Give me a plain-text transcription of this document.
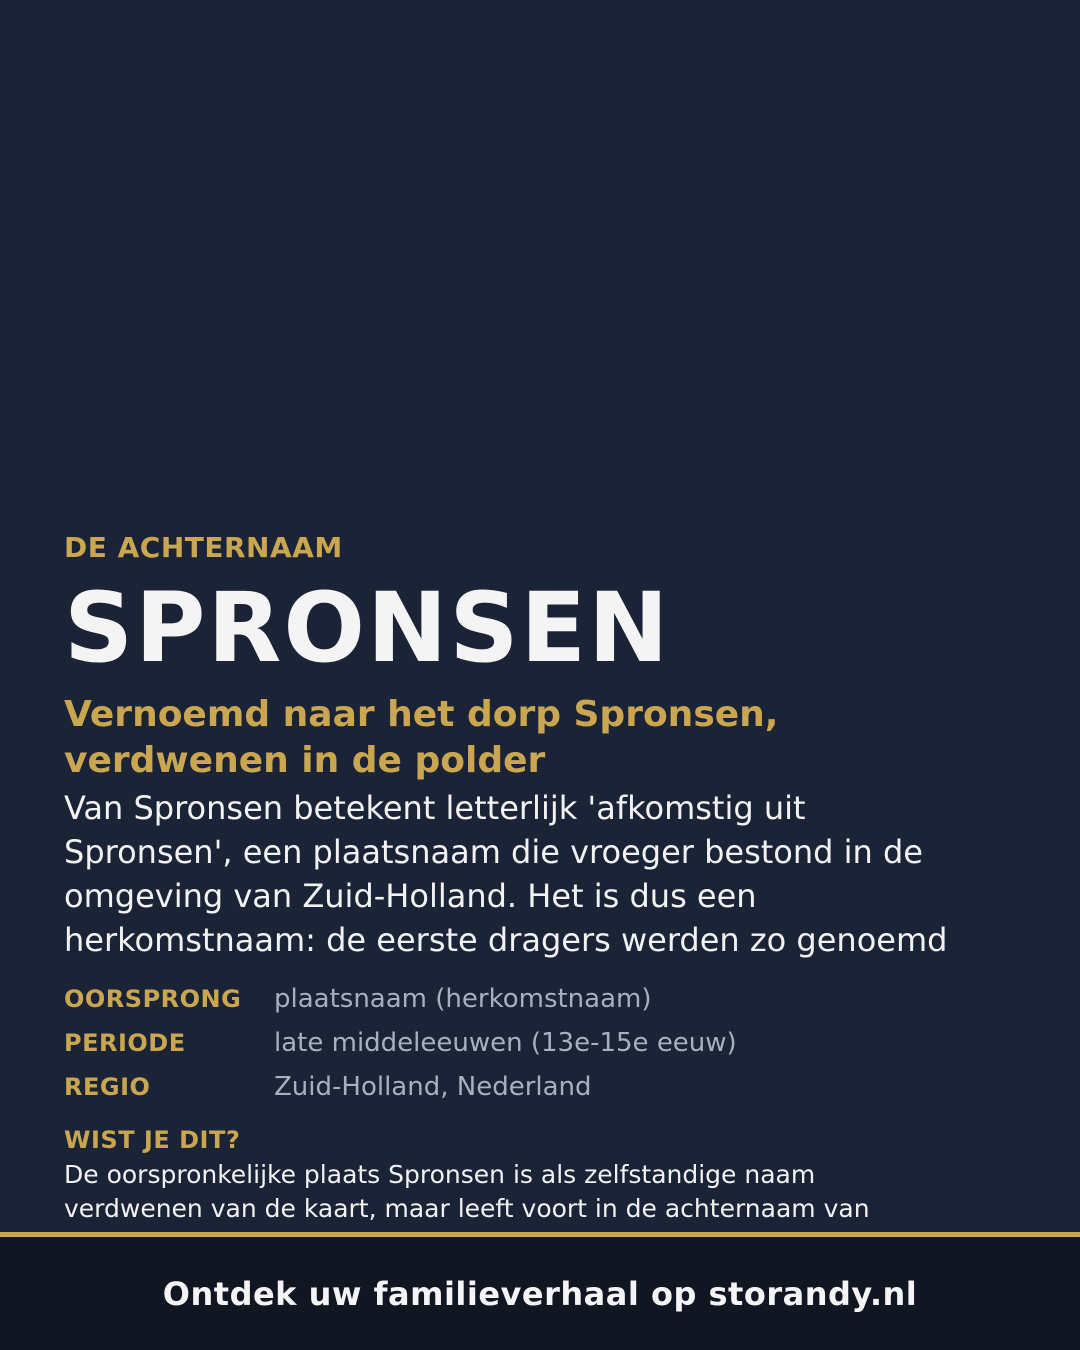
DE ACHTERNAAM
SPRONSEN
Vernoemd naar het dorp Spronsen,
verdwenen in de polder
Van Spronsen betekent letterlijk 'afkomstig uit
Spronsen', een plaatsnaam die vroeger bestond in de
omgeving van Zuid-Holland. Het is dus een
herkomstnaam: de eerste dragers werden zo genoemd
OORSPRONG	plaatsnaam (herkomstnaam)
PERIODE	late middeleeuwen (13e-15e eeuw)
REGIO	Zuid-Holland, Nederland
WIST JE DIT?
De oorspronkelijke plaats Spronsen is als zelfstandige naam
verdwenen van de kaart, maar leeft voort in de achternaam van
Ontdek uw familieverhaal op storandy.nl
